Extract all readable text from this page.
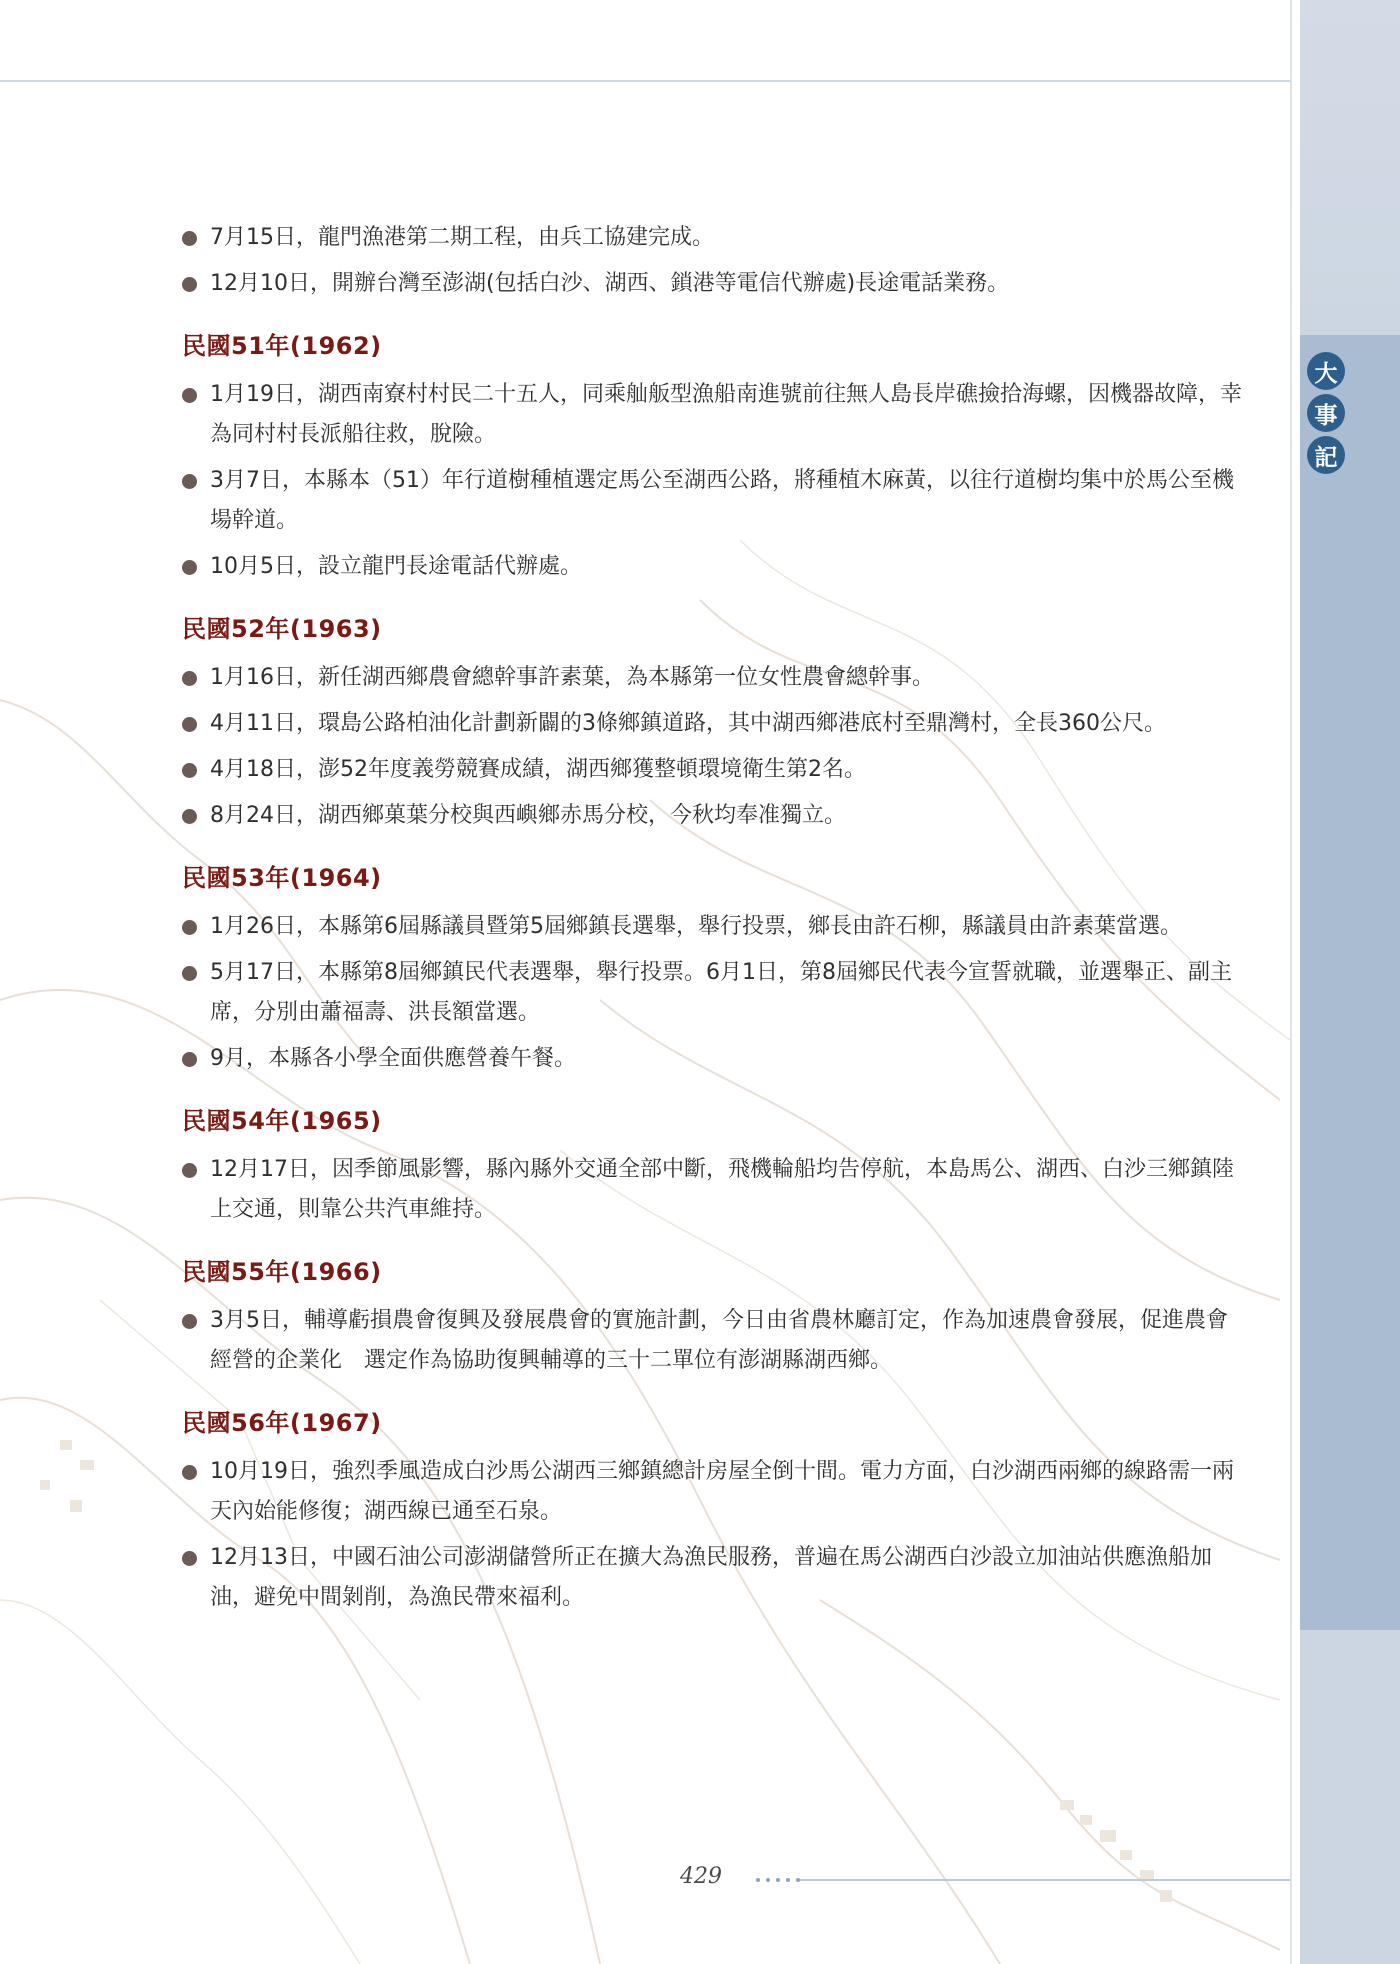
大
事
記
7月15日，龍門漁港第二期工程，由兵工協建完成。
12月10日，開辦台灣至澎湖(包括白沙、湖西、鎖港等電信代辦處)長途電話業務。
民國51年(1962)
1月19日，湖西南寮村村民二十五人，同乘舢舨型漁船南進號前往無人島長岸礁撿拾海螺，因機器故障，幸為同村村長派船往救，脫險。
3月7日，本縣本（51）年行道樹種植選定馬公至湖西公路，將種植木麻黃，以往行道樹均集中於馬公至機場幹道。
10月5日，設立龍門長途電話代辦處。
民國52年(1963)
1月16日，新任湖西鄉農會總幹事許素葉，為本縣第一位女性農會總幹事。
4月11日，環島公路柏油化計劃新闢的3條鄉鎮道路，其中湖西鄉港底村至鼎灣村，全長360公尺。
4月18日，澎52年度義勞競賽成績，湖西鄉獲整頓環境衛生第2名。
8月24日，湖西鄉菓葉分校與西嶼鄉赤馬分校，今秋均奉准獨立。
民國53年(1964)
1月26日，本縣第6屆縣議員暨第5屆鄉鎮長選舉，舉行投票，鄉長由許石柳，縣議員由許素葉當選。
5月17日，本縣第8屆鄉鎮民代表選舉，舉行投票。6月1日，第8屆鄉民代表今宣誓就職，並選舉正、副主席，分別由蕭福壽、洪長額當選。
9月，本縣各小學全面供應營養午餐。
民國54年(1965)
12月17日，因季節風影響，縣內縣外交通全部中斷，飛機輪船均告停航，本島馬公、湖西、白沙三鄉鎮陸上交通，則靠公共汽車維持。
民國55年(1966)
3月5日，輔導虧損農會復興及發展農會的實施計劃，今日由省農林廳訂定，作為加速農會發展，促進農會經營的企業化　選定作為協助復興輔導的三十二單位有澎湖縣湖西鄉。
民國56年(1967)
10月19日，強烈季風造成白沙馬公湖西三鄉鎮總計房屋全倒十間。電力方面，白沙湖西兩鄉的線路需一兩天內始能修復；湖西線已通至石泉。
12月13日，中國石油公司澎湖儲營所正在擴大為漁民服務，普遍在馬公湖西白沙設立加油站供應漁船加油，避免中間剝削，為漁民帶來福利。
429
